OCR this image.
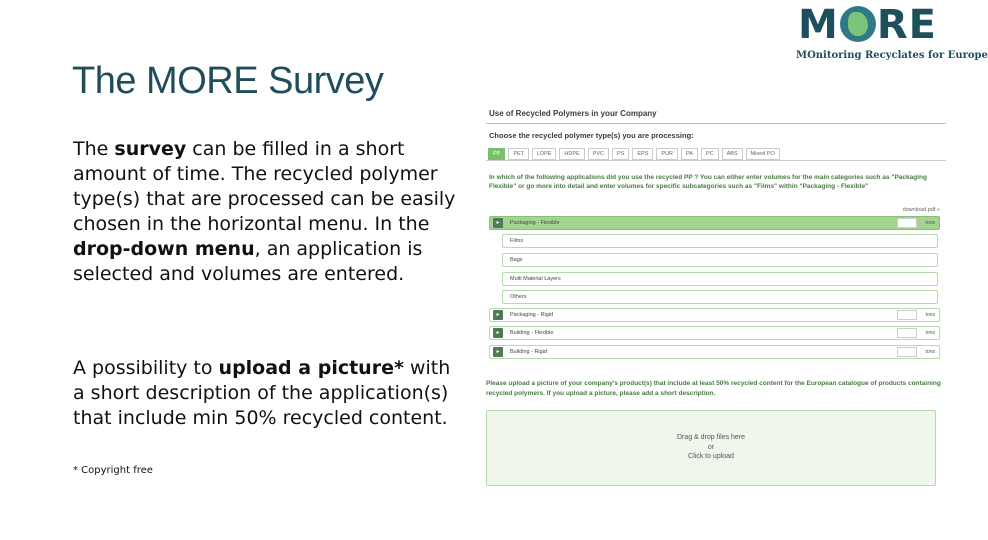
M RE
MOnitoring Recyclates for Europe
The MORE Survey
The survey can be filled in a short amount of time. The recycled polymer type(s) that are processed can be easily chosen in the horizontal menu. In the drop-down menu, an application is selected and volumes are entered.
A possibility to upload a picture* with a short description of the application(s) that include min 50% recycled content.
* Copyright free
Use of Recycled Polymers in your Company
Choose the recycled polymer type(s) you are processing:
PP	PET	LDPE	HDPE	PVC	PS	EPS	PUR	PA	PC	ABS	Mixed PO
In which of the following applications did you use the recycled PP ? You can either enter volumes for the main categories such as "Packaging Flexible" or go more into detail and enter volumes for specific subcategories such as "Films" within "Packaging - Flexible"
download pdf »
▸	Packaging - Flexible	tons
Films
Bags
Multi Material Layers
Others
▸	Packaging - Rigid	tons
▸	Building - Flexible	tons
▸	Building - Rigid	tons
Please upload a picture of your company's product(s) that include at least 50% recycled content for the European catalogue of products containing recycled polymers. If you upload a picture, please add a short description.
Drag & drop files here
or
Click to upload
